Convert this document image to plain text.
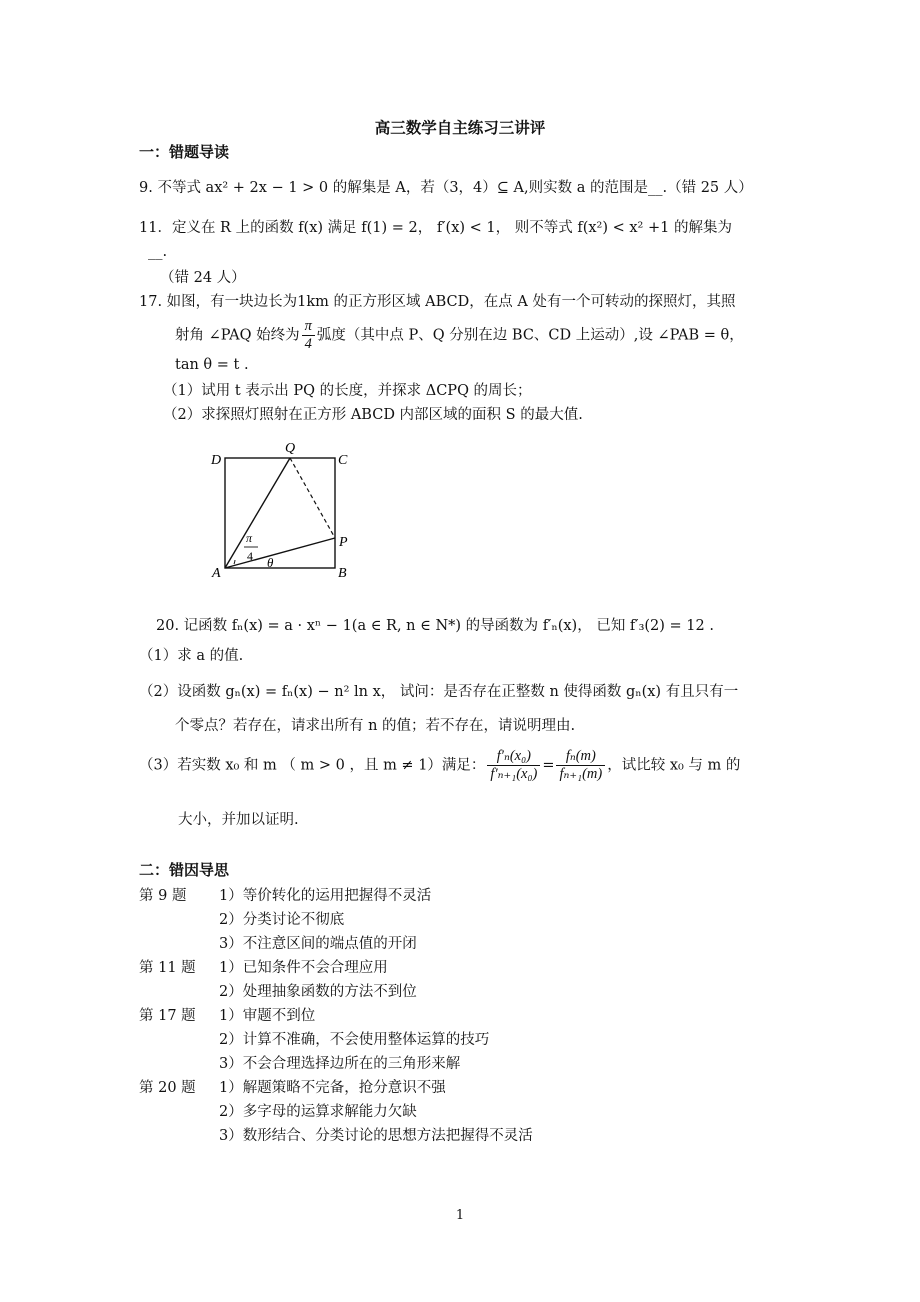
高三数学自主练习三讲评
一：错题导读
9. 不等式 ax² + 2x − 1 > 0 的解集是 A，若（3，4）⊆ A,则实数 a 的范围是__.（错 25 人）
11．定义在 R 上的函数 f(x) 满足 f(1) = 2， f′(x) < 1， 则不等式 f(x²) < x² +1 的解集为
__.
（错 24 人）
17. 如图，有一块边长为1km 的正方形区域 ABCD，在点 A 处有一个可转动的探照灯，其照
射角 ∠PAQ 始终为 $\frac{\pi}{4}$ 弧度（其中点 P、Q 分别在边 BC、CD 上运动）,设 ∠PAB = θ，
tan θ = t .
（1）试用 t 表示出 PQ 的长度，并探求 ΔCPQ 的周长；
（2）求探照灯照射在正方形 ABCD 内部区域的面积 S 的最大值.
D
Q
C
P
A	B
π
4 θ
20. 记函数 fₙ(x) = a · xⁿ − 1(a ∈ R, n ∈ N*) 的导函数为 f′ₙ(x)， 已知 f′₃(2) = 12 .
（1）求 a 的值.
（2）设函数 gₙ(x) = fₙ(x) − n² ln x， 试问：是否存在正整数 n 使得函数 gₙ(x) 有且只有一
个零点？若存在，请求出所有 n 的值；若不存在，请说明理由.
（3）若实数 x₀ 和 m （ m > 0 ，且 m ≠ 1）满足： $\frac{\text{f′ₙ(x₀)}}{\text{f′ₙ₊₁(x₀)}} = \frac{\text{fₙ(m)}}{\text{fₙ₊₁(m)}}$ ，试比较 x₀ 与 m 的
大小，并加以证明.
二：错因导思
第 9 题 1）等价转化的运用把握得不灵活
2）分类讨论不彻底
3）不注意区间的端点值的开闭
第 11 题 1）已知条件不会合理应用
2）处理抽象函数的方法不到位
第 17 题 1）审题不到位
2）计算不准确，不会使用整体运算的技巧
3）不会合理选择边所在的三角形来解
第 20 题 1）解题策略不完备，抢分意识不强
2）多字母的运算求解能力欠缺
3）数形结合、分类讨论的思想方法把握得不灵活
1
